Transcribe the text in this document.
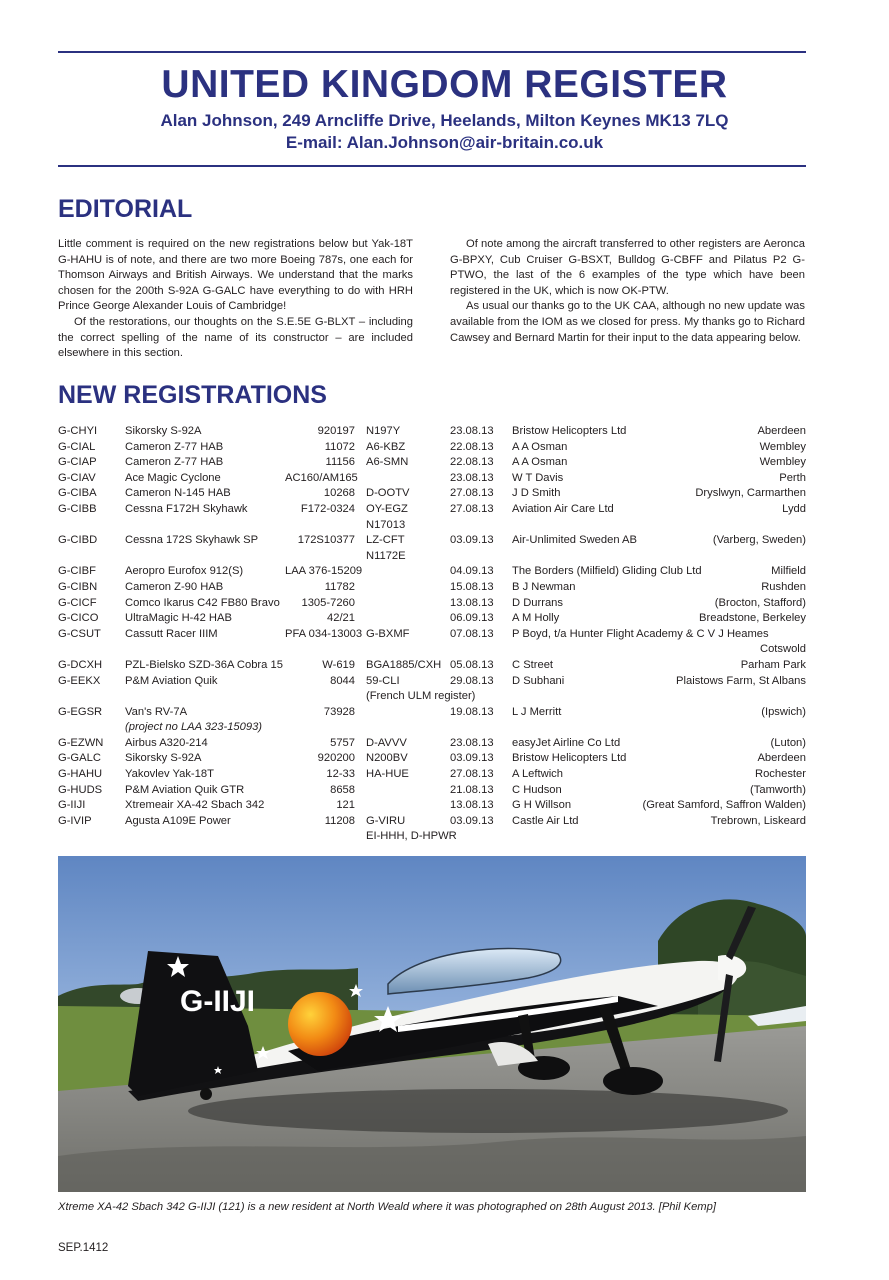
UNITED KINGDOM REGISTER
Alan Johnson, 249 Arncliffe Drive, Heelands, Milton Keynes MK13 7LQ
E-mail: Alan.Johnson@air-britain.co.uk
EDITORIAL

Little comment is required on the new registrations below but Yak-18T G-HAHU is of note, and there are two more Boeing 787s, one each for Thomson Airways and British Airways. We understand that the marks chosen for the 200th S-92A G-GALC have everything to do with HRH Prince George Alexander Louis of Cambridge!

Of the restorations, our thoughts on the S.E.5E G-BLXT – including the correct spelling of the name of its constructor – are included elsewhere in this section.

Of note among the aircraft transferred to other registers are Aeronca G-BPXY, Cub Cruiser G-BSXT, Bulldog G-CBFF and Pilatus P2 G-PTWO, the last of the 6 examples of the type which have been registered in the UK, which is now OK-PTW.

As usual our thanks go to the UK CAA, although no new update was available from the IOM as we closed for press. My thanks go to Richard Cawsey and Bernard Martin for their input to the data appearing below.

NEW REGISTRATIONS
G-CHYI	Sikorsky S-92A	920197 N197Y	23.08.13	Bristow Helicopters Ltd	Aberdeen
G-CIAL	Cameron Z-77 HAB	11072 A6-KBZ	22.08.13	A A Osman	Wembley
G-CIAP	Cameron Z-77 HAB	11156 A6-SMN	22.08.13	A A Osman	Wembley
G-CIAV	Ace Magic Cyclone	AC160/AM165	23.08.13	W T Davis	Perth
G-CIBA	Cameron N-145 HAB	10268 D-OOTV	27.08.13	J D Smith	Dryslwyn, Carmarthen
G-CIBB	Cessna F172H Skyhawk	F172-0324 OY-EGZ	27.08.13	Aviation Air Care Ltd	Lydd
N17013
G-CIBD	Cessna 172S Skyhawk SP	172S10377 LZ-CFT	03.09.13	Air-Unlimited Sweden AB	(Varberg, Sweden)
N1172E
G-CIBF	Aeropro Eurofox 912(S)	LAA 376-15209	04.09.13	The Borders (Milfield) Gliding Club Ltd	Milfield
G-CIBN	Cameron Z-90 HAB	11782	15.08.13	B J Newman	Rushden
G-CICF	Comco Ikarus C42 FB80 Bravo	1305-7260	13.08.13	D Durrans	(Brocton, Stafford)
G-CICO	UltraMagic H-42 HAB	42/21	06.09.13	A M Holly	Breadstone, Berkeley
G-CSUT	Cassutt Racer IIIM	PFA 034-13003 G-BXMF	07.08.13	P Boyd, t/a Hunter Flight Academy & C V J Heames
Cotswold
G-DCXH	PZL-Bielsko SZD-36A Cobra 15	W-619 BGA1885/CXH 05.08.13	C Street	Parham Park
G-EEKX	P&M Aviation Quik	8044 59-CLI	29.08.13	D Subhani	Plaistows Farm, St Albans
(French ULM register)
G-EGSR	Van's RV-7A	73928	19.08.13	L J Merritt	(Ipswich)
(project no LAA 323-15093)
G-EZWN	Airbus A320-214	5757 D-AVVV	23.08.13	easyJet Airline Co Ltd	(Luton)
G-GALC	Sikorsky S-92A	920200 N200BV	03.09.13	Bristow Helicopters Ltd	Aberdeen
G-HAHU	Yakovlev Yak-18T	12-33 HA-HUE	27.08.13	A Leftwich	Rochester
G-HUDS	P&M Aviation Quik GTR	8658	21.08.13	C Hudson	(Tamworth)
G-IIJI	Xtremeair XA-42 Sbach 342	121	13.08.13	G H Willson	(Great Samford, Saffron Walden)
G-IVIP	Agusta A109E Power	11208 G-VIRU	03.09.13	Castle Air Ltd	Trebrown, Liskeard
EI-HHH, D-HPWR
G-IIJI
Xtreme XA-42 Sbach 342 G-IIJI (121) is a new resident at North Weald where it was photographed on 28th August 2013. [Phil Kemp]
SEP.1412
